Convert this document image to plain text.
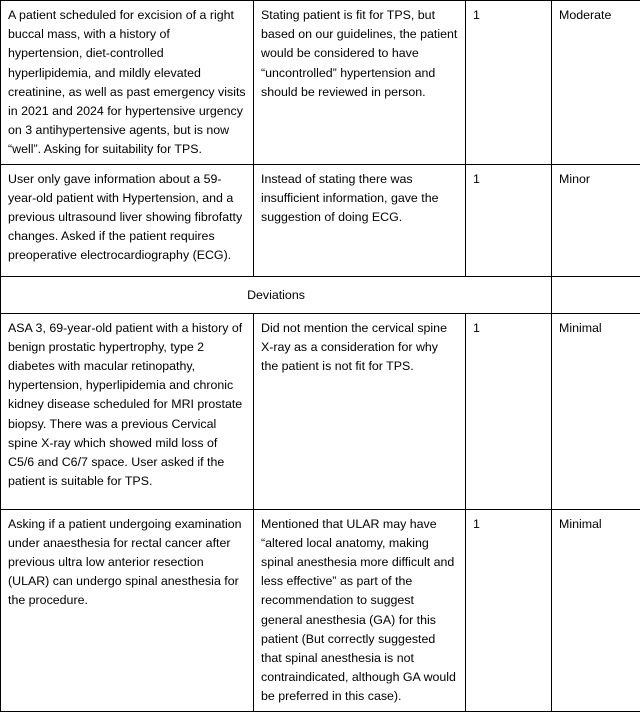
A patient scheduled for excision of a right buccal mass, with a history of hypertension, diet-controlled hyperlipidemia, and mildly elevated creatinine, as well as past emergency visits in 2021 and 2024 for hypertensive urgency on 3 antihypertensive agents, but is now “well”. Asking for suitability for TPS.	Stating patient is fit for TPS, but based on our guidelines, the patient would be considered to have “uncontrolled” hypertension and should be reviewed in person.	1	Moderate
User only gave information about a 59-year-old patient with Hypertension, and a previous ultrasound liver showing fibrofatty changes. Asked if the patient requires preoperative electrocardiography (ECG).	Instead of stating there was insufficient information, gave the suggestion of doing ECG.	1	Minor
Deviations			
ASA 3, 69-year-old patient with a history of benign prostatic hypertrophy, type 2 diabetes with macular retinopathy, hypertension, hyperlipidemia and chronic kidney disease scheduled for MRI prostate biopsy. There was a previous Cervical spine X-ray which showed mild loss of C5/6 and C6/7 space. User asked if the patient is suitable for TPS.	Did not mention the cervical spine X-ray as a consideration for why the patient is not fit for TPS.	1	Minimal
Asking if a patient undergoing examination under anaesthesia for rectal cancer after previous ultra low anterior resection (ULAR) can undergo spinal anesthesia for the procedure.	Mentioned that ULAR may have “altered local anatomy, making spinal anesthesia more difficult and less effective” as part of the recommendation to suggest general anesthesia (GA) for this patient (But correctly suggested that spinal anesthesia is not contraindicated, although GA would be preferred in this case).	1	Minimal
